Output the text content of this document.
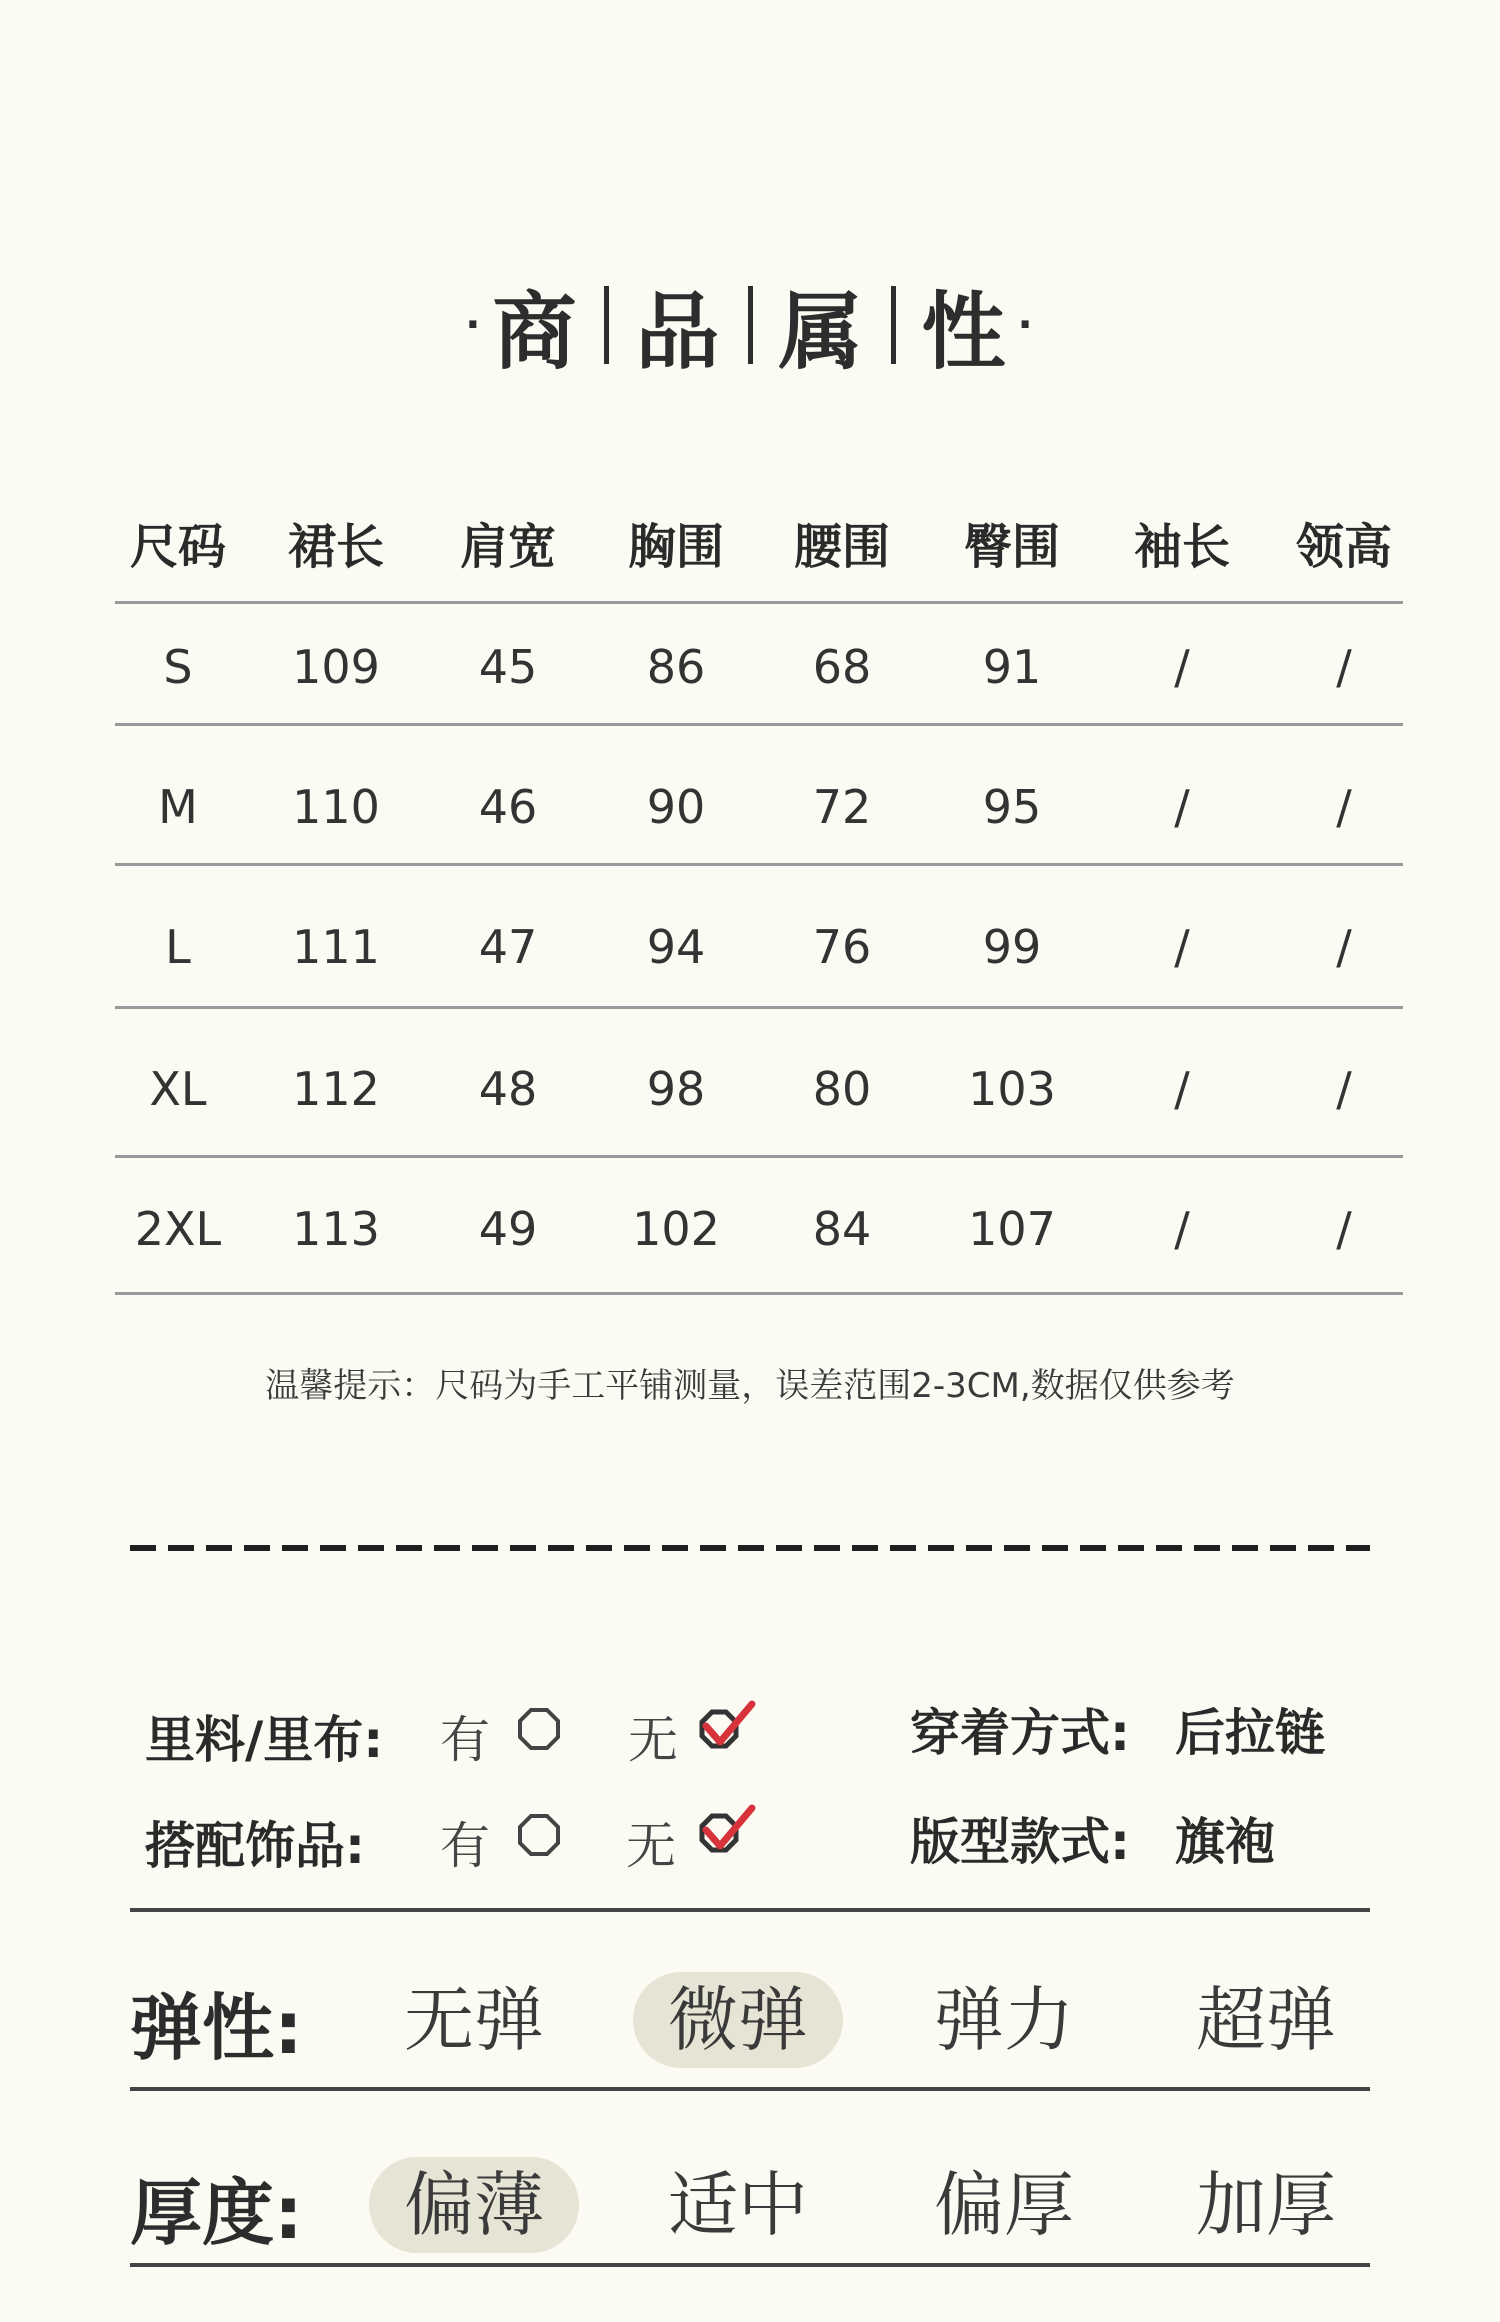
· 商 品 属 性 ·
尺码	裙长	肩宽	胸围	腰围	臀围	袖长	领高
S	109	45	86	68	91	/	/
M	110	46	90	72	95	/	/
L	111	47	94	76	99	/	/
XL	112	48	98	80	103	/	/
2XL	113	49	102	84	107	/	/
温馨提示：尺码为手工平铺测量，误差范围2-3CM,数据仅供参考
里料/里布: 有	无	穿着方式: 后拉链
搭配饰品: 有	无	版型款式: 旗袍
弹性:	无弹	微弹	弹力	超弹
厚度:	偏薄	适中	偏厚	加厚
